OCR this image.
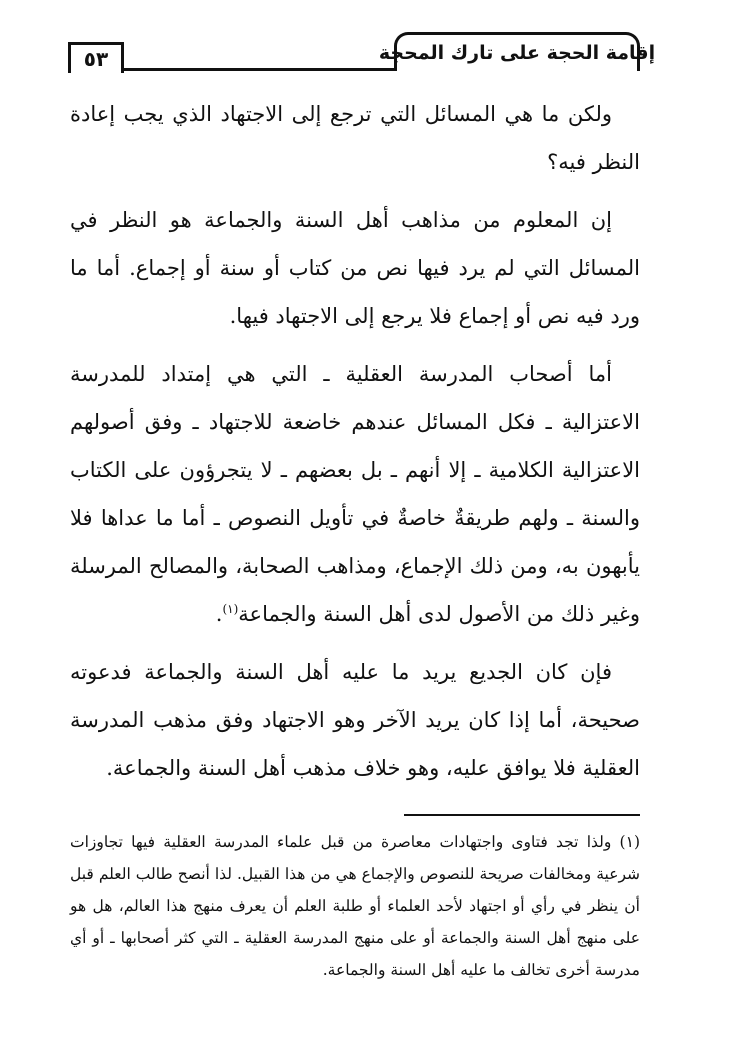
٥٣	إقامة الحجة على تارك المحجة

ولكن ما هي المسائل التي ترجع إلى الاجتهاد الذي يجب إعادة النظر فيه؟

إن المعلوم من مذاهب أهل السنة والجماعة هو النظر في المسائل التي لم يرد فيها نص من كتاب أو سنة أو إجماع. أما ما ورد فيه نص أو إجماع فلا يرجع إلى الاجتهاد فيها.

أما أصحاب المدرسة العقلية ـ التي هي إمتداد للمدرسة الاعتزالية ـ فكل المسائل عندهم خاضعة للاجتهاد ـ وفق أصولهم الاعتزالية الكلامية ـ إلا أنهم ـ بل بعضهم ـ لا يتجرؤون على الكتاب والسنة ـ ولهم طريقةٌ خاصةٌ في تأويل النصوص ـ أما ما عداها فلا يأبهون به، ومن ذلك الإجماع، ومذاهب الصحابة، والمصالح المرسلة وغير ذلك من الأصول لدى أهل السنة والجماعة$^{(١)}$.

فإن كان الجديع يريد ما عليه أهل السنة والجماعة فدعوته صحيحة، أما إذا كان يريد الآخر وهو الاجتهاد وفق مذهب المدرسة العقلية فلا يوافق عليه، وهو خلاف مذهب أهل السنة والجماعة.

(١) ولذا تجد فتاوى واجتهادات معاصرة من قبل علماء المدرسة العقلية فيها تجاوزات شرعية ومخالفات صريحة للنصوص والإجماع هي من هذا القبيل. لذا أنصح طالب العلم قبل أن ينظر في رأي أو اجتهاد لأحد العلماء أو طلبة العلم أن يعرف منهج هذا العالم، هل هو على منهج أهل السنة والجماعة أو على منهج المدرسة العقلية ـ التي كثر أصحابها ـ أو أي مدرسة أخرى تخالف ما عليه أهل السنة والجماعة.
